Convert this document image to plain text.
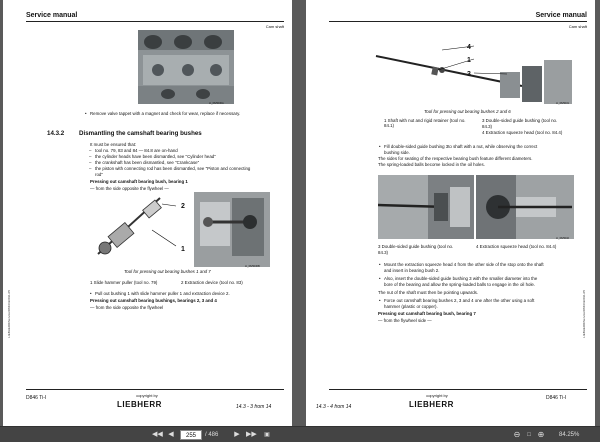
Service manual
Cam shaft
LIEBHERR/Service/D846/ti/2011-05
LI_06/5030A
• Remove valve tappet with a magnet and check for wear, replace if necessary.
14.3.2 Dismantling the camshaft bearing bushes
It must be ensured that:
– tool no. 79, 83 and 84 — 84.8 are on-hand
– the cylinder heads have been dismantled, see "Cylinder head"
– the crankshaft has been dismantled, see "Crankcase"
– the piston with connecting rod has been dismantled, see "Piston and connecting
rod"
Pressing out camshaft bearing bush, bearing 1
— from the side opposite the flywheel —
2
1
LI_06/5030B
Tool for pressing out bearing bushes 1 and 7
1 Slide hammer puller (tool no. 79)	2 Extraction device (tool no. 83)
• Pull out bushing 1 with slide hammer puller 1 and extraction device 2.
Pressing out camshaft bearing bushings, bearings 2, 3 and 4
— from the side opposite the flywheel
D846 Ti-I	copyright by
LIEBHERR	14.3 - 3 from 14
Service manual
Cam shaft
LIEBHERR/Service/D846/ti/2011-05
4
1
3
LI_06/5031
Tool for pressing out bearing bushes 2 and 6
1 Shaft with nut and rigid retainer (tool no. 84.1)
3 Double-sided guide bushing (tool no.
84.3)
4 Extraction squeeze head (tool no. 84.4)
• Fill double-sided guide bushing 3to shaft with a nut, while observing the correct
bushing side.
The sides for seating of the respective bearing bush feature different diameters.
The spring-loaded balls become locked in the oil holes.
LI_06/5032
3 Double-sided guide bushing (tool no.
84.3)
4 Extraction squeeze head (tool no. 84.4)
• Mount the extraction squeeze head 4 from the other side of the stop onto the shaft
and insert in bearing bush 2.
• Also, insert the double-sided guide bushing 3 with the smaller diameter into the
bore of the bearing and allow the spring-loaded balls to engage in the oil hole.
The nut of the shaft must then be pointing upwards.
• Force out camshaft bearing bushes 2, 3 and 4 one after the other using a soft
hammer (plastic or copper).
Pressing out camshaft bearing bush, bearing 7
— from the flywheel side —
14.3 - 4 from 14
copyright by
LIEBHERR
D846 Ti-I
◀◀ ◀	255	/ 486	▶ ▶▶	▣	⊖	□ ⊕ 84.25%
